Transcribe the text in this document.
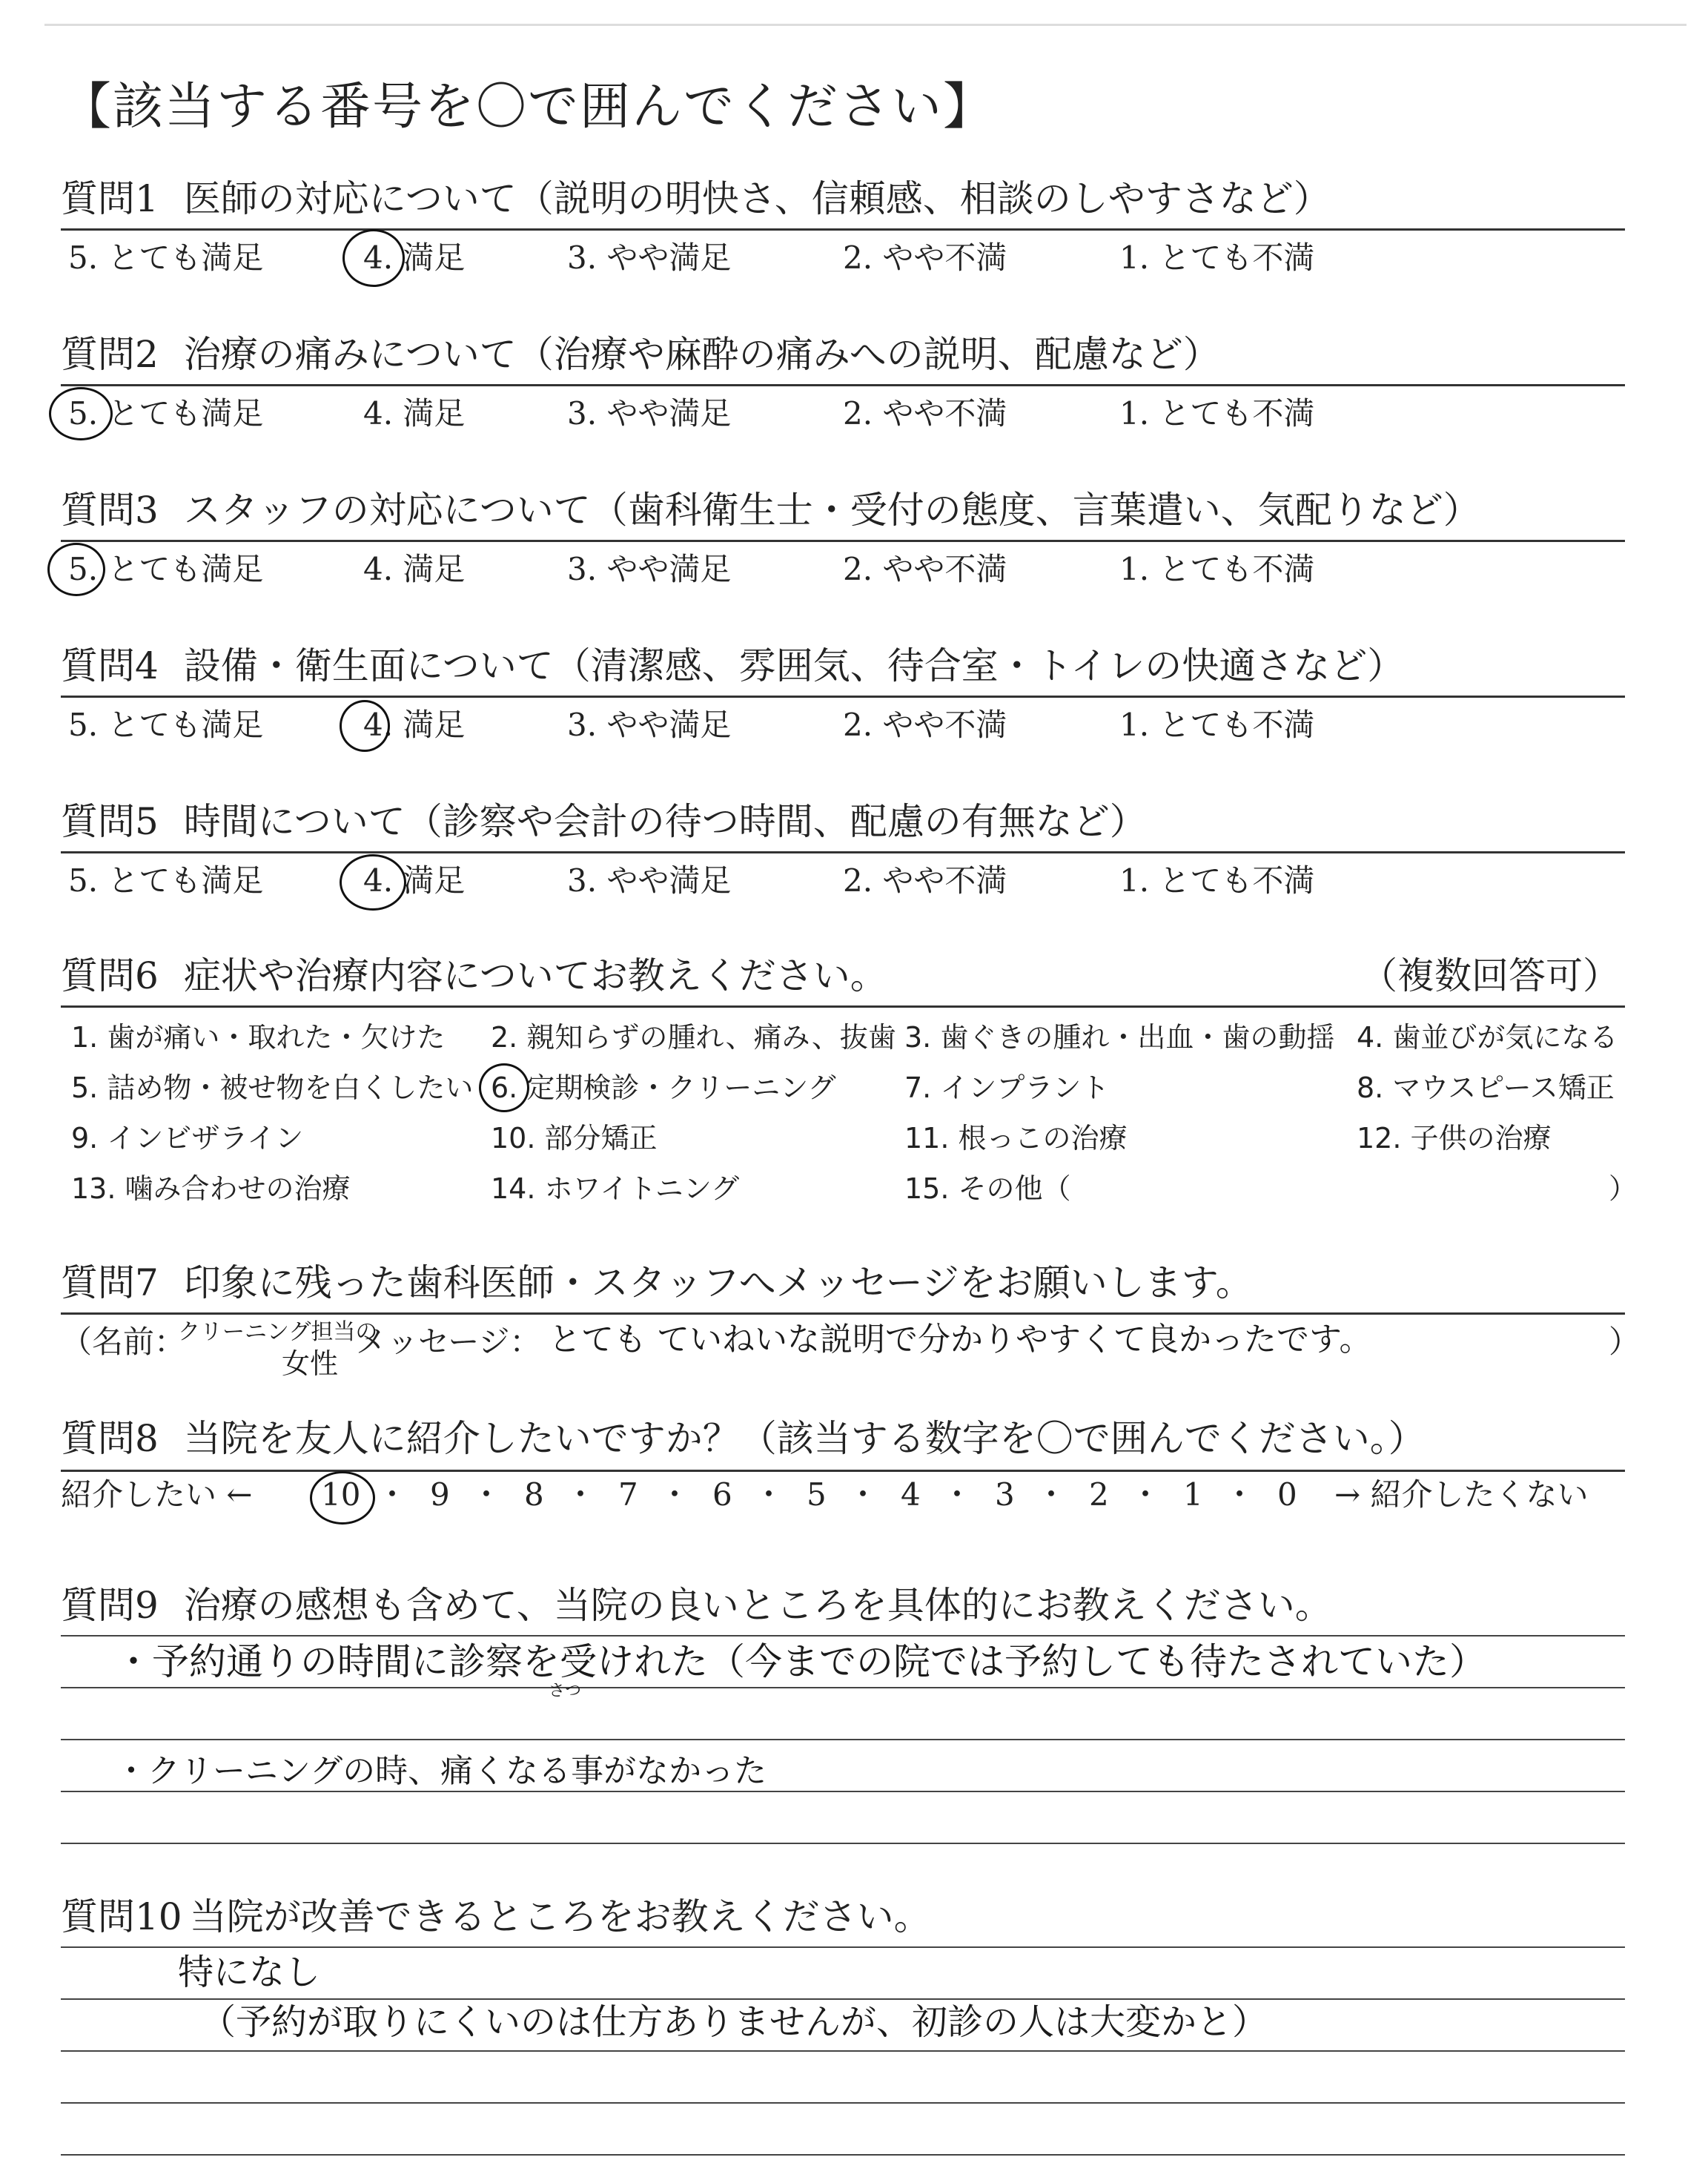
【該当する番号を〇で囲んでください】
質問1 医師の対応について（説明の明快さ、信頼感、相談のしやすさなど）
5. とても満足	4. 満足	3. やや満足	2. やや不満	1. とても不満
質問2 治療の痛みについて（治療や麻酔の痛みへの説明、配慮など）
5. とても満足	4. 満足	3. やや満足	2. やや不満	1. とても不満
質問3 スタッフの対応について（歯科衛生士・受付の態度、言葉遣い、気配りなど）
5. とても満足	4. 満足	3. やや満足	2. やや不満	1. とても不満
質問4 設備・衛生面について（清潔感、雰囲気、待合室・トイレの快適さなど）
5. とても満足	4. 満足	3. やや満足	2. やや不満	1. とても不満
質問5 時間について（診察や会計の待つ時間、配慮の有無など）
5. とても満足	4. 満足	3. やや満足	2. やや不満	1. とても不満
質問6 症状や治療内容についてお教えください。	（複数回答可）
1. 歯が痛い・取れた・欠けた 2. 親知らずの腫れ、痛み、抜歯 3. 歯ぐきの腫れ・出血・歯の動揺 4. 歯並びが気になる
5. 詰め物・被せ物を白くしたい 6. 定期検診・クリーニング 7. インプラント	8. マウスピース矯正
9. インビザライン	10. 部分矯正	11. 根っこの治療	12. 子供の治療
13. 噛み合わせの治療	14. ホワイトニング	15. その他（	）
質問7 印象に残った歯科医師・スタッフへメッセージをお願いします。
（名前：
クリーニング担当の
女性
メッセージ： とても ていねいな説明で分かりやすくて良かったです。	）
質問8 当院を友人に紹介したいですか？（該当する数字を〇で囲んでください。）
紹介したい ← 10 ・ 9 ・ 8 ・ 7 ・ 6 ・ 5 ・ 4 ・ 3 ・ 2 ・ 1 ・ 0 → 紹介したくない
質問9 治療の感想も含めて、当院の良いところを具体的にお教えください。
・予約通りの時間に診察を受けれた（今までの院では予約しても待たされていた）
さつ
・クリーニングの時、痛くなる事がなかった
質問10 当院が改善できるところをお教えください。
特になし
（予約が取りにくいのは仕方ありませんが、初診の人は大変かと）
